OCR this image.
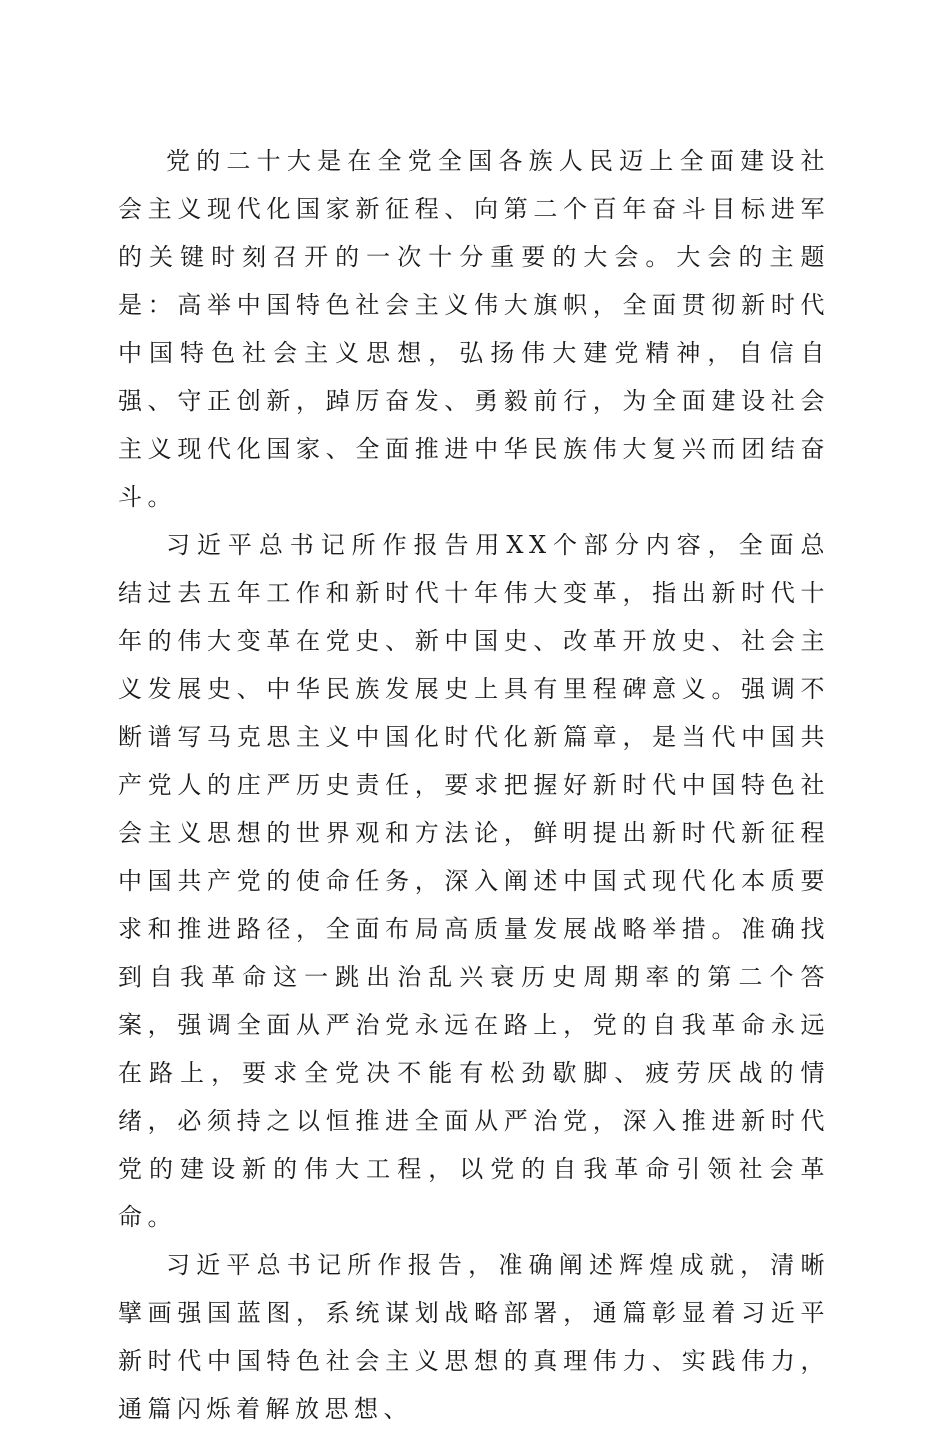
党的二十大是在全党全国各族人民迈上全面建设社会主义现代化国家新征程、向第二个百年奋斗目标进军的关键时刻召开的一次十分重要的大会。大会的主题是：高举中国特色社会主义伟大旗帜，全面贯彻新时代中国特色社会主义思想，弘扬伟大建党精神，自信自强、守正创新，踔厉奋发、勇毅前行，为全面建设社会主义现代化国家、全面推进中华民族伟大复兴而团结奋斗。

习近平总书记所作报告用XX个部分内容，全面总结过去五年工作和新时代十年伟大变革，指出新时代十年的伟大变革在党史、新中国史、改革开放史、社会主义发展史、中华民族发展史上具有里程碑意义。强调不断谱写马克思主义中国化时代化新篇章，是当代中国共产党人的庄严历史责任，要求把握好新时代中国特色社会主义思想的世界观和方法论，鲜明提出新时代新征程中国共产党的使命任务，深入阐述中国式现代化本质要求和推进路径，全面布局高质量发展战略举措。准确找到自我革命这一跳出治乱兴衰历史周期率的第二个答案，强调全面从严治党永远在路上，党的自我革命永远在路上，要求全党决不能有松劲歇脚、疲劳厌战的情绪，必须持之以恒推进全面从严治党，深入推进新时代党的建设新的伟大工程，以党的自我革命引领社会革命。

习近平总书记所作报告，准确阐述辉煌成就，清晰擘画强国蓝图，系统谋划战略部署，通篇彰显着习近平新时代中国特色社会主义思想的真理伟力、实践伟力，通篇闪烁着解放思想、
